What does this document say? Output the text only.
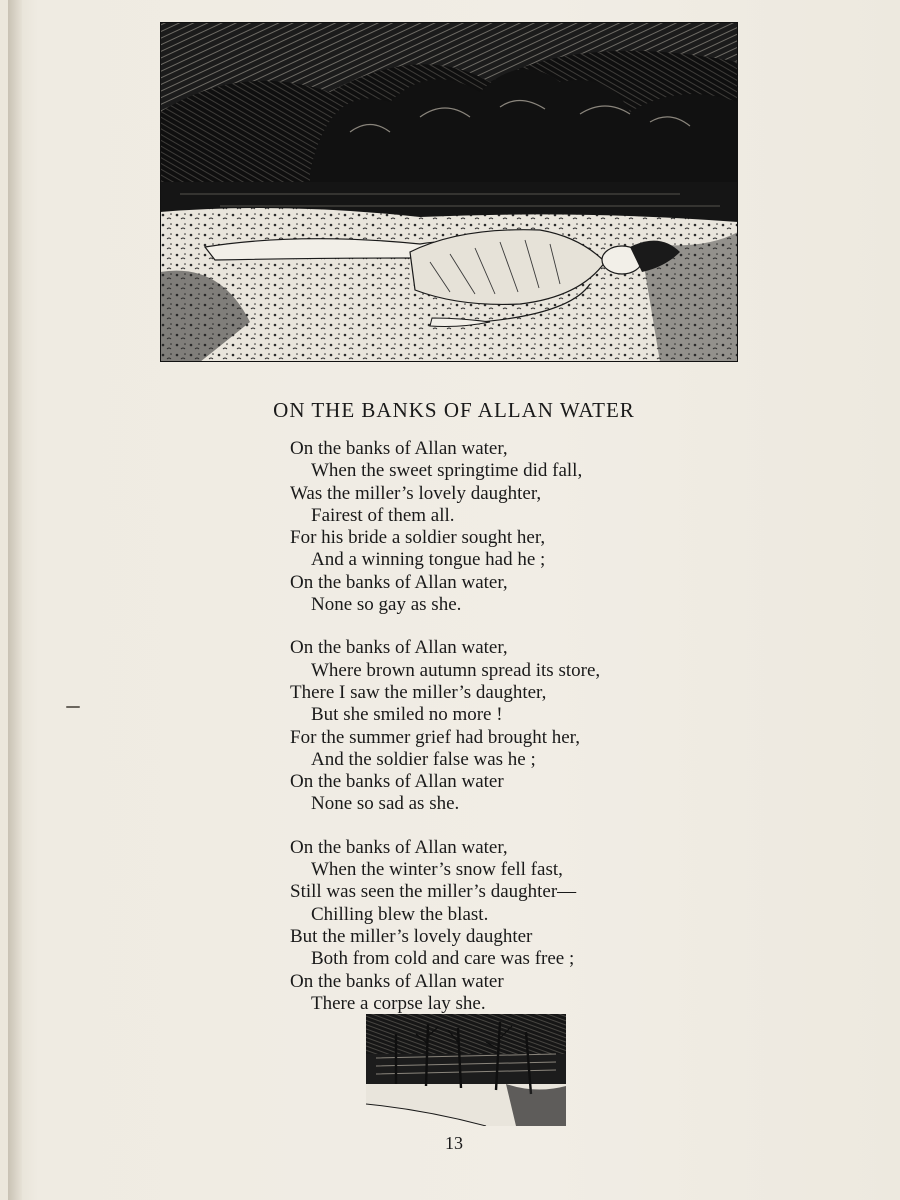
ON THE BANKS OF ALLAN WATER
On the banks of Allan water,
When the sweet springtime did fall,
Was the miller’s lovely daughter,
Fairest of them all.
For his bride a soldier sought her,
And a winning tongue had he ;
On the banks of Allan water,
None so gay as she.
On the banks of Allan water,
Where brown autumn spread its store,
There I saw the miller’s daughter,
But she smiled no more !
For the summer grief had brought her,
And the soldier false was he ;
On the banks of Allan water
None so sad as she.
On the banks of Allan water,
When the winter’s snow fell fast,
Still was seen the miller’s daughter—
Chilling blew the blast.
But the miller’s lovely daughter
Both from cold and care was free ;
On the banks of Allan water
There a corpse lay she.
13
